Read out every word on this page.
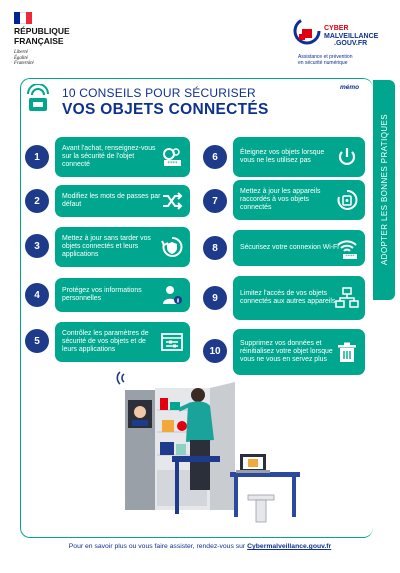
RÉPUBLIQUE
FRANÇAISE
Liberté
Égalité
Fraternité
CYBER
MALVEILLANCE
.GOUV.FR
Assistance et prévention
en sécurité numérique
ADOPTER LES BONNES PRATIQUES
10 CONSEILS POUR SÉCURISER
VOS OBJETS CONNECTÉS
mémo
1
Avant l'achat, renseignez-vous sur la sécurité de l'objet connecté	****
2	Modifiez les mots de passes par défaut
3
Mettez à jour sans tarder vos objets connectés et leurs applications
4	Protégez vos informations personnelles
5
Contrôlez les paramètres de sécurité de vos objets et de leurs applications
6	Éteignez vos objets lorsque vous ne les utilisez pas
7
Mettez à jour les appareils raccordés à vos objets connectés
8	Sécurisez votre connexion Wi-Fi
****
9	Limitez l'accès de vos objets connectés aux autres appareils
10
Supprimez vos données et réinitialisez votre objet lorsque vous ne vous en servez plus
Pour en savoir plus ou vous faire assister, rendez-vous sur Cybermalveillance.gouv.fr
